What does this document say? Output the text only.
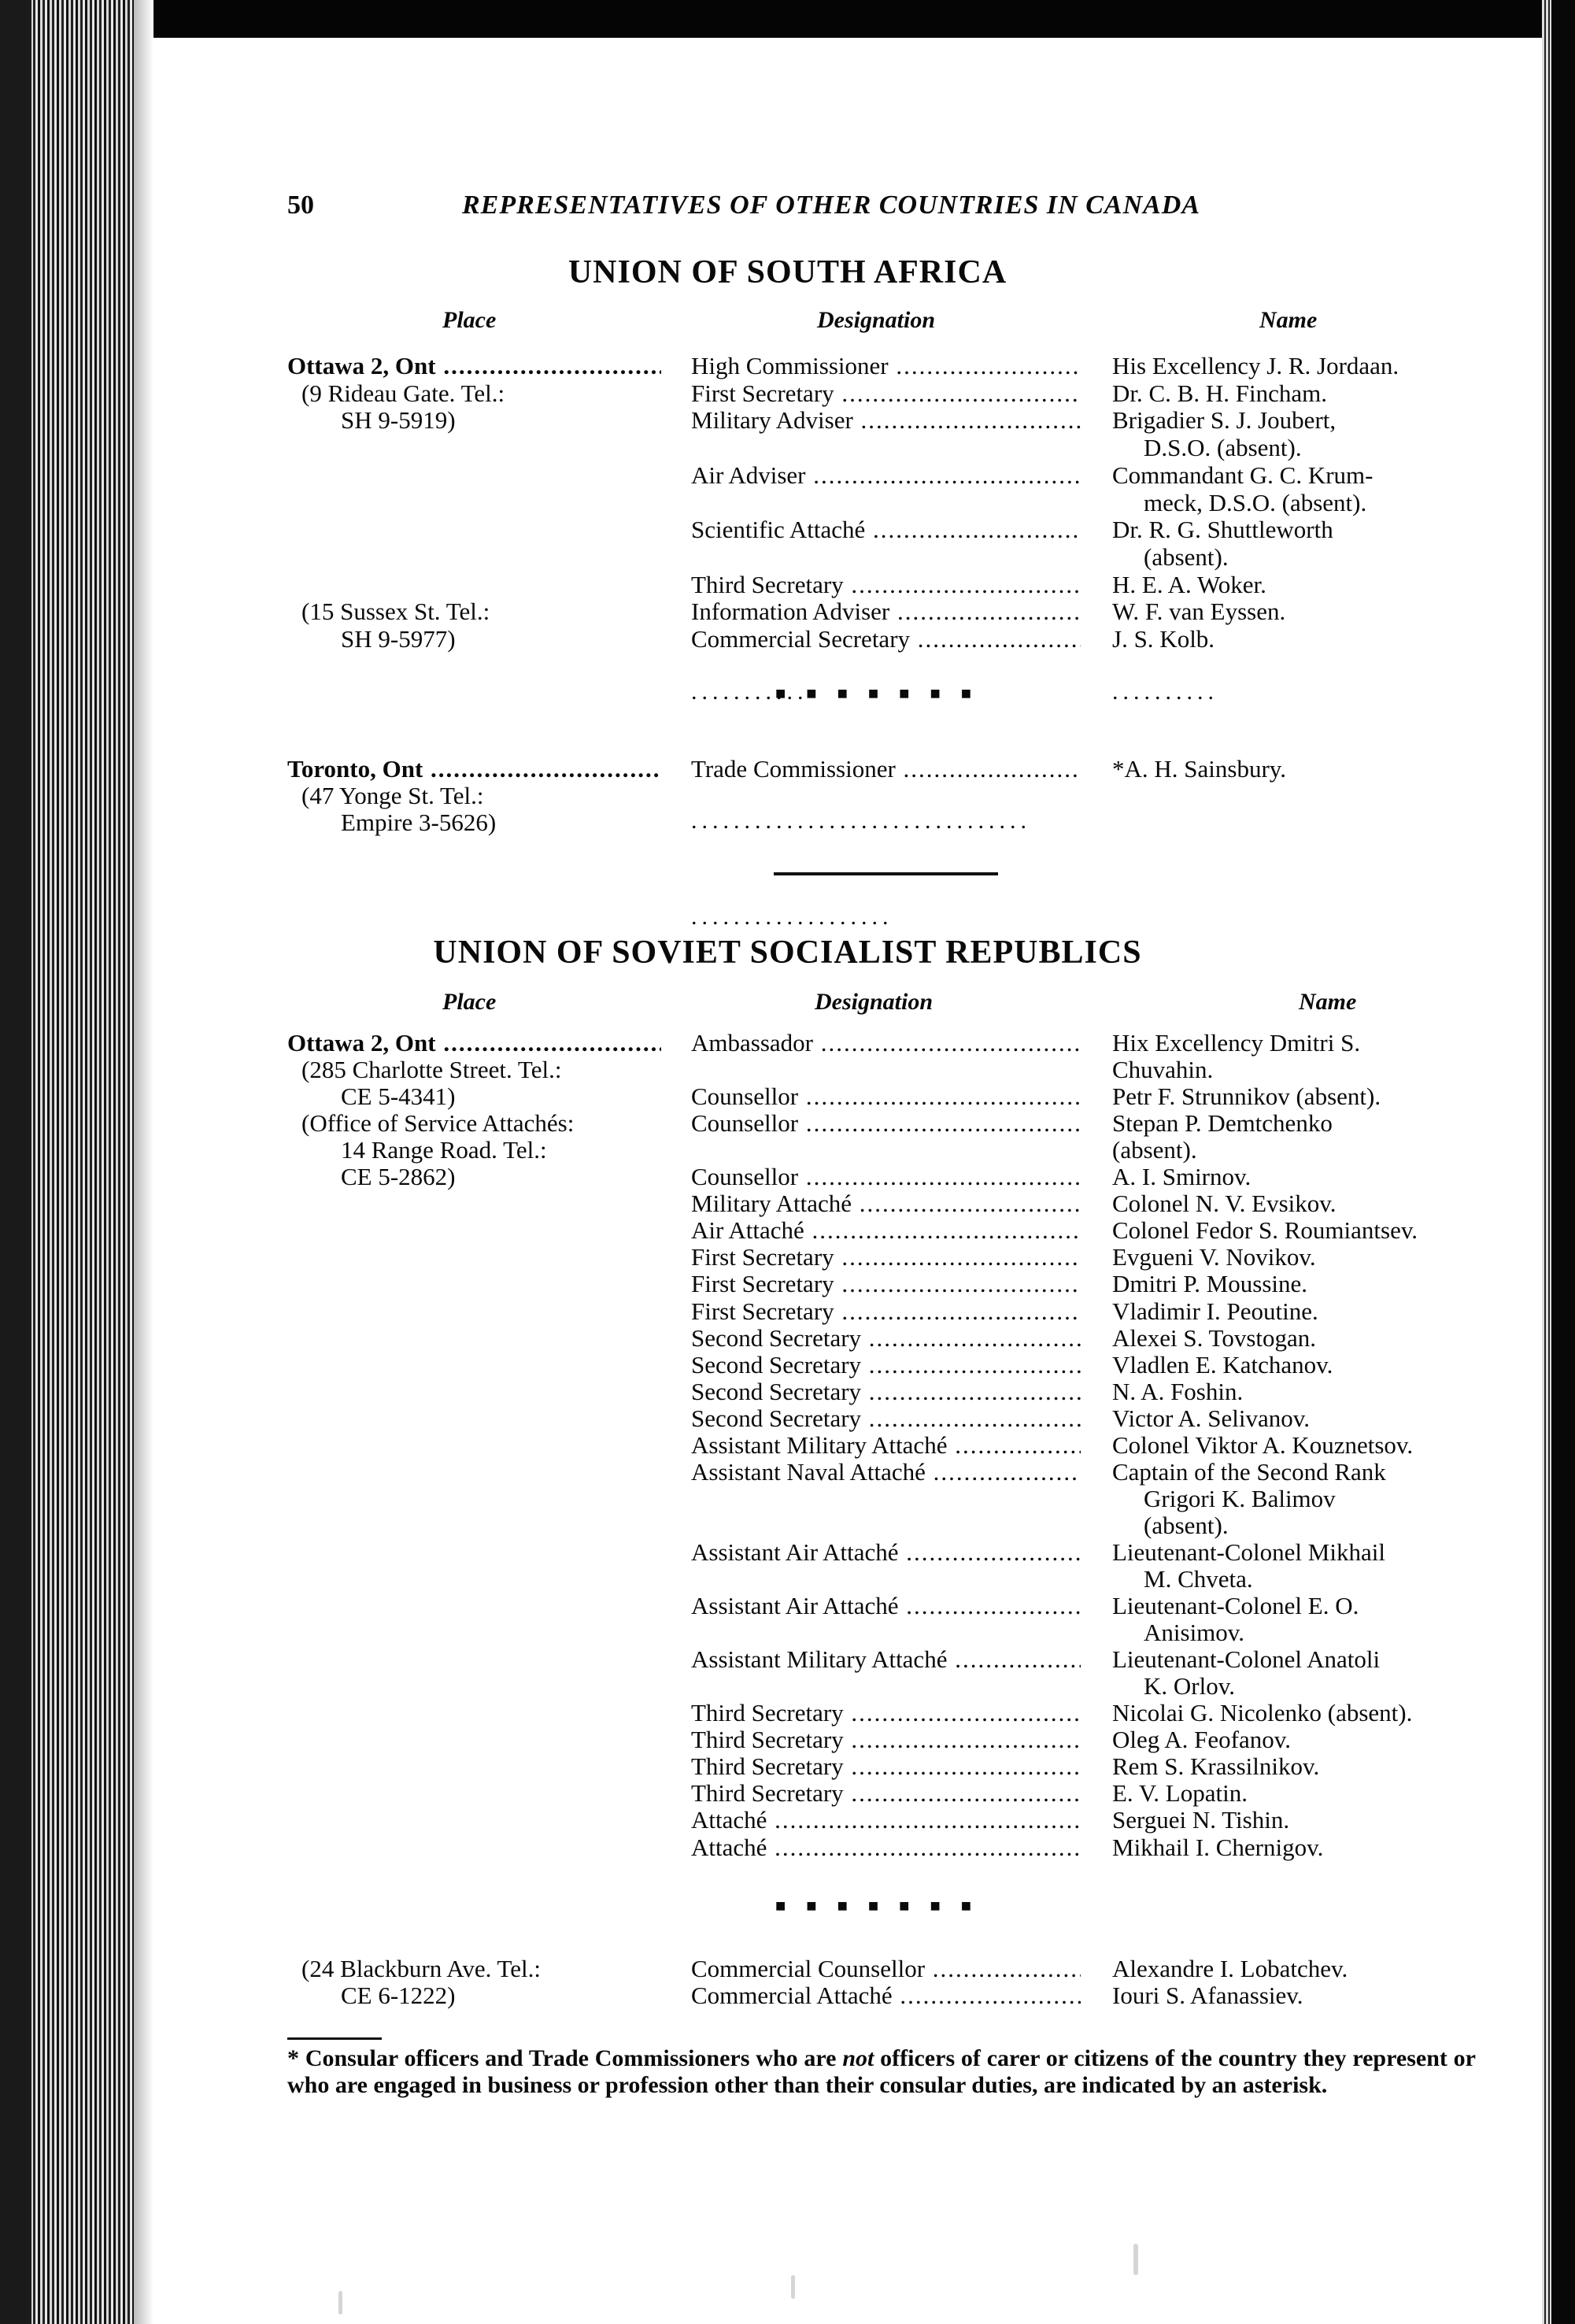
50	REPRESENTATIVES OF OTHER COUNTRIES IN CANADA
UNION OF SOUTH AFRICA
Place	Designation	Name
Ottawa 2, Ont .....	High Commissioner .....	His Excellency J. R. Jordaan.
(9 Rideau Gate. Tel.:	First Secretary .....	Dr. C. B. H. Fincham.
SH 9-5919)	Military Adviser .....	Brigadier S. J. Joubert,
D.S.O. (absent).
Air Adviser .....	Commandant G. C. Krum-
meck, D.S.O. (absent).
Scientific Attaché .....	Dr. R. G. Shuttleworth
(absent).
Third Secretary .....	H. E. A. Woker.
(15 Sussex St. Tel.:	Information Adviser .....	W. F. van Eyssen.
SH 9-5977)	Commercial Secretary .....	J. S. Kolb.
...........
■■■■■■■	..........
Toronto, Ont .....	Trade Commissioner .....	*A. H. Sainsbury.
(47 Yonge St. Tel.:
Empire 3-5626)	................................
...................
UNION OF SOVIET SOCIALIST REPUBLICS
Place	Designation	Name
Ottawa 2, Ont .....	Ambassador .....	Hix Excellency Dmitri S.
(285 Charlotte Street. Tel.:	Chuvahin.
CE 5-4341)	Counsellor .....	Petr F. Strunnikov (absent).
(Office of Service Attachés:	Counsellor .....	Stepan P. Demtchenko
14 Range Road. Tel.:	(absent).
CE 5-2862)	Counsellor .....	A. I. Smirnov.
Military Attaché .....	Colonel N. V. Evsikov.
Air Attaché .....	Colonel Fedor S. Roumiantsev.
First Secretary .....	Evgueni V. Novikov.
First Secretary .....	Dmitri P. Moussine.
First Secretary .....	Vladimir I. Peoutine.
Second Secretary .....	Alexei S. Tovstogan.
Second Secretary .....	Vladlen E. Katchanov.
Second Secretary .....	N. A. Foshin.
Second Secretary .....	Victor A. Selivanov.
Assistant Military Attaché .....	Colonel Viktor A. Kouznetsov.
Assistant Naval Attaché .....	Captain of the Second Rank
Grigori K. Balimov
(absent).
Assistant Air Attaché .....	Lieutenant-Colonel Mikhail
M. Chveta.
Assistant Air Attaché .....	Lieutenant-Colonel E. O.
Anisimov.
Assistant Military Attaché .....	Lieutenant-Colonel Anatoli
K. Orlov.
Third Secretary .....	Nicolai G. Nicolenko (absent).
Third Secretary .....	Oleg A. Feofanov.
Third Secretary .....	Rem S. Krassilnikov.
Third Secretary .....	E. V. Lopatin.
Attaché .....	Serguei N. Tishin.
Attaché .....	Mikhail I. Chernigov.
■■■■■■■
(24 Blackburn Ave. Tel.:	Commercial Counsellor .....	Alexandre I. Lobatchev.
CE 6-1222)	Commercial Attaché .....	Iouri S. Afanassiev.
* Consular officers and Trade Commissioners who are not officers of carer or citizens of the country they represent or who are engaged in business or profession other than their consular duties, are indicated by an asterisk.
